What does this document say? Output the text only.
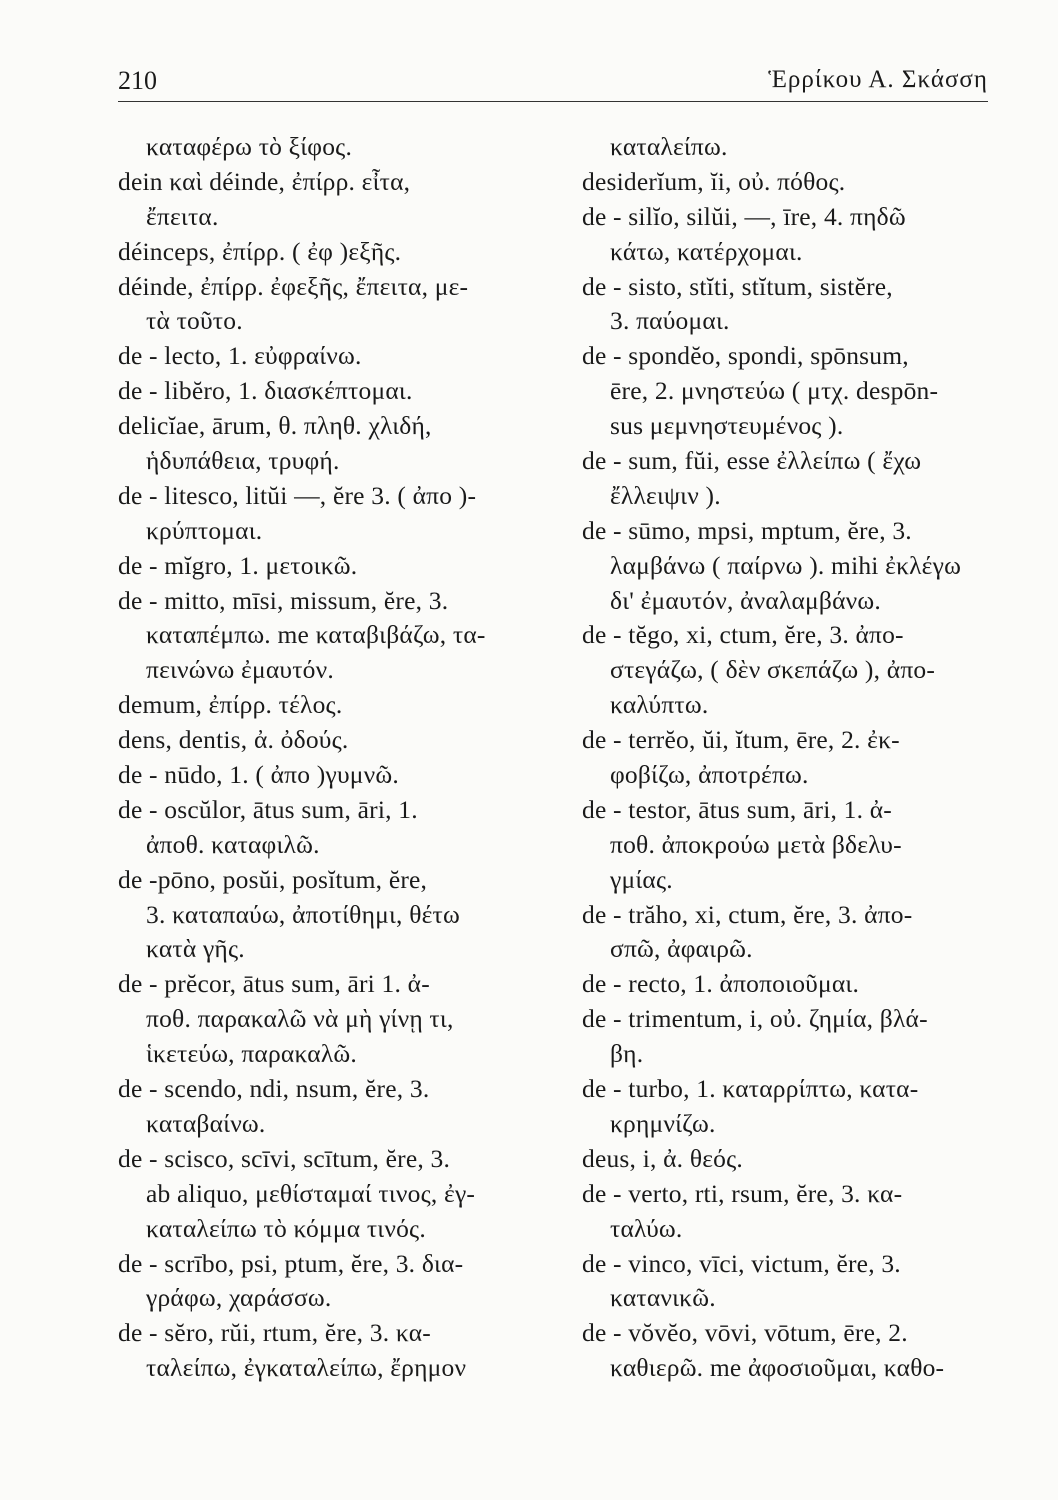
210	Ἑρρίκου Α. Σκάσση
καταφέρω τὸ ξίφος.
dein καὶ déinde, ἐπίρρ. εἶτα,
ἔπειτα.
déinceps, ἐπίρρ. ( ἐφ )εξῆς.
déinde, ἐπίρρ. ἐφεξῆς, ἔπειτα, με-
τὰ τοῦτο.
de - lecto, 1. εὐφραίνω.
de - libĕro, 1. διασκέπτομαι.
delicĭae, ārum, θ. πληθ. χλιδή,
ἡδυπάθεια, τρυφή.
de - litesco, litŭi —, ĕre 3. ( ἀπο )-
κρύπτομαι.
de - mĭgro, 1. μετοικῶ.
de - mitto, mīsi, missum, ĕre, 3.
καταπέμπω. me καταβιβάζω, τα-
πεινώνω ἐμαυτόν.
demum, ἐπίρρ. τέλος.
dens, dentis, ἀ. ὀδούς.
de - nūdo, 1. ( ἀπο )γυμνῶ.
de - oscŭlor, ātus sum, āri, 1.
ἀποθ. καταφιλῶ.
de -pōno, posŭi, posĭtum, ĕre,
3. καταπαύω, ἀποτίθημι, θέτω
κατὰ γῆς.
de - prĕcor, ātus sum, āri 1. ἀ-
ποθ. παρακαλῶ νὰ μὴ γίνῃ τι,
ἱκετεύω, παρακαλῶ.
de - scendo, ndi, nsum, ĕre, 3.
καταβαίνω.
de - scisco, scīvi, scītum, ĕre, 3.
ab aliquo, μεθίσταμαί τινος, ἐγ-
καταλείπω τὸ κόμμα τινός.
de - scrībo, psi, ptum, ĕre, 3. δια-
γράφω, χαράσσω.
de - sĕro, rŭi, rtum, ĕre, 3. κα-
ταλείπω, ἐγκαταλείπω, ἔρημον
καταλείπω.
desiderĭum, ĭi, οὐ. πόθος.
de - silĭo, silŭi, —, īre, 4. πηδῶ
κάτω, κατέρχομαι.
de - sisto, stĭti, stĭtum, sistĕre,
3. παύομαι.
de - spondĕo, spondi, spōnsum,
ēre, 2. μνηστεύω ( μτχ. despōn-
sus μεμνηστευμένος ).
de - sum, fŭi, esse ἐλλείπω ( ἔχω
ἔλλειψιν ).
de - sūmo, mpsi, mptum, ĕre, 3.
λαμβάνω ( παίρνω ). mihi ἐκλέγω
δι' ἐμαυτόν, ἀναλαμβάνω.
de - tĕgo, xi, ctum, ĕre, 3. ἀπο-
στεγάζω, ( δὲν σκεπάζω ), ἀπο-
καλύπτω.
de - terrĕo, ŭi, ĭtum, ēre, 2. ἐκ-
φοβίζω, ἀποτρέπω.
de - testor, ātus sum, āri, 1. ἀ-
ποθ. ἀποκρούω μετὰ βδελυ-
γμίας.
de - trăho, xi, ctum, ĕre, 3. ἀπο-
σπῶ, ἀφαιρῶ.
de - recto, 1. ἀποποιοῦμαι.
de - trimentum, i, οὐ. ζημία, βλά-
βη.
de - turbo, 1. καταρρίπτω, κατα-
κρημνίζω.
deus, i, ἀ. θεός.
de - verto, rti, rsum, ĕre, 3. κα-
ταλύω.
de - vinco, vīci, victum, ĕre, 3.
κατανικῶ.
de - vŏvĕo, vōvi, vōtum, ēre, 2.
καθιερῶ. me ἀφοσιοῦμαι, καθο-
